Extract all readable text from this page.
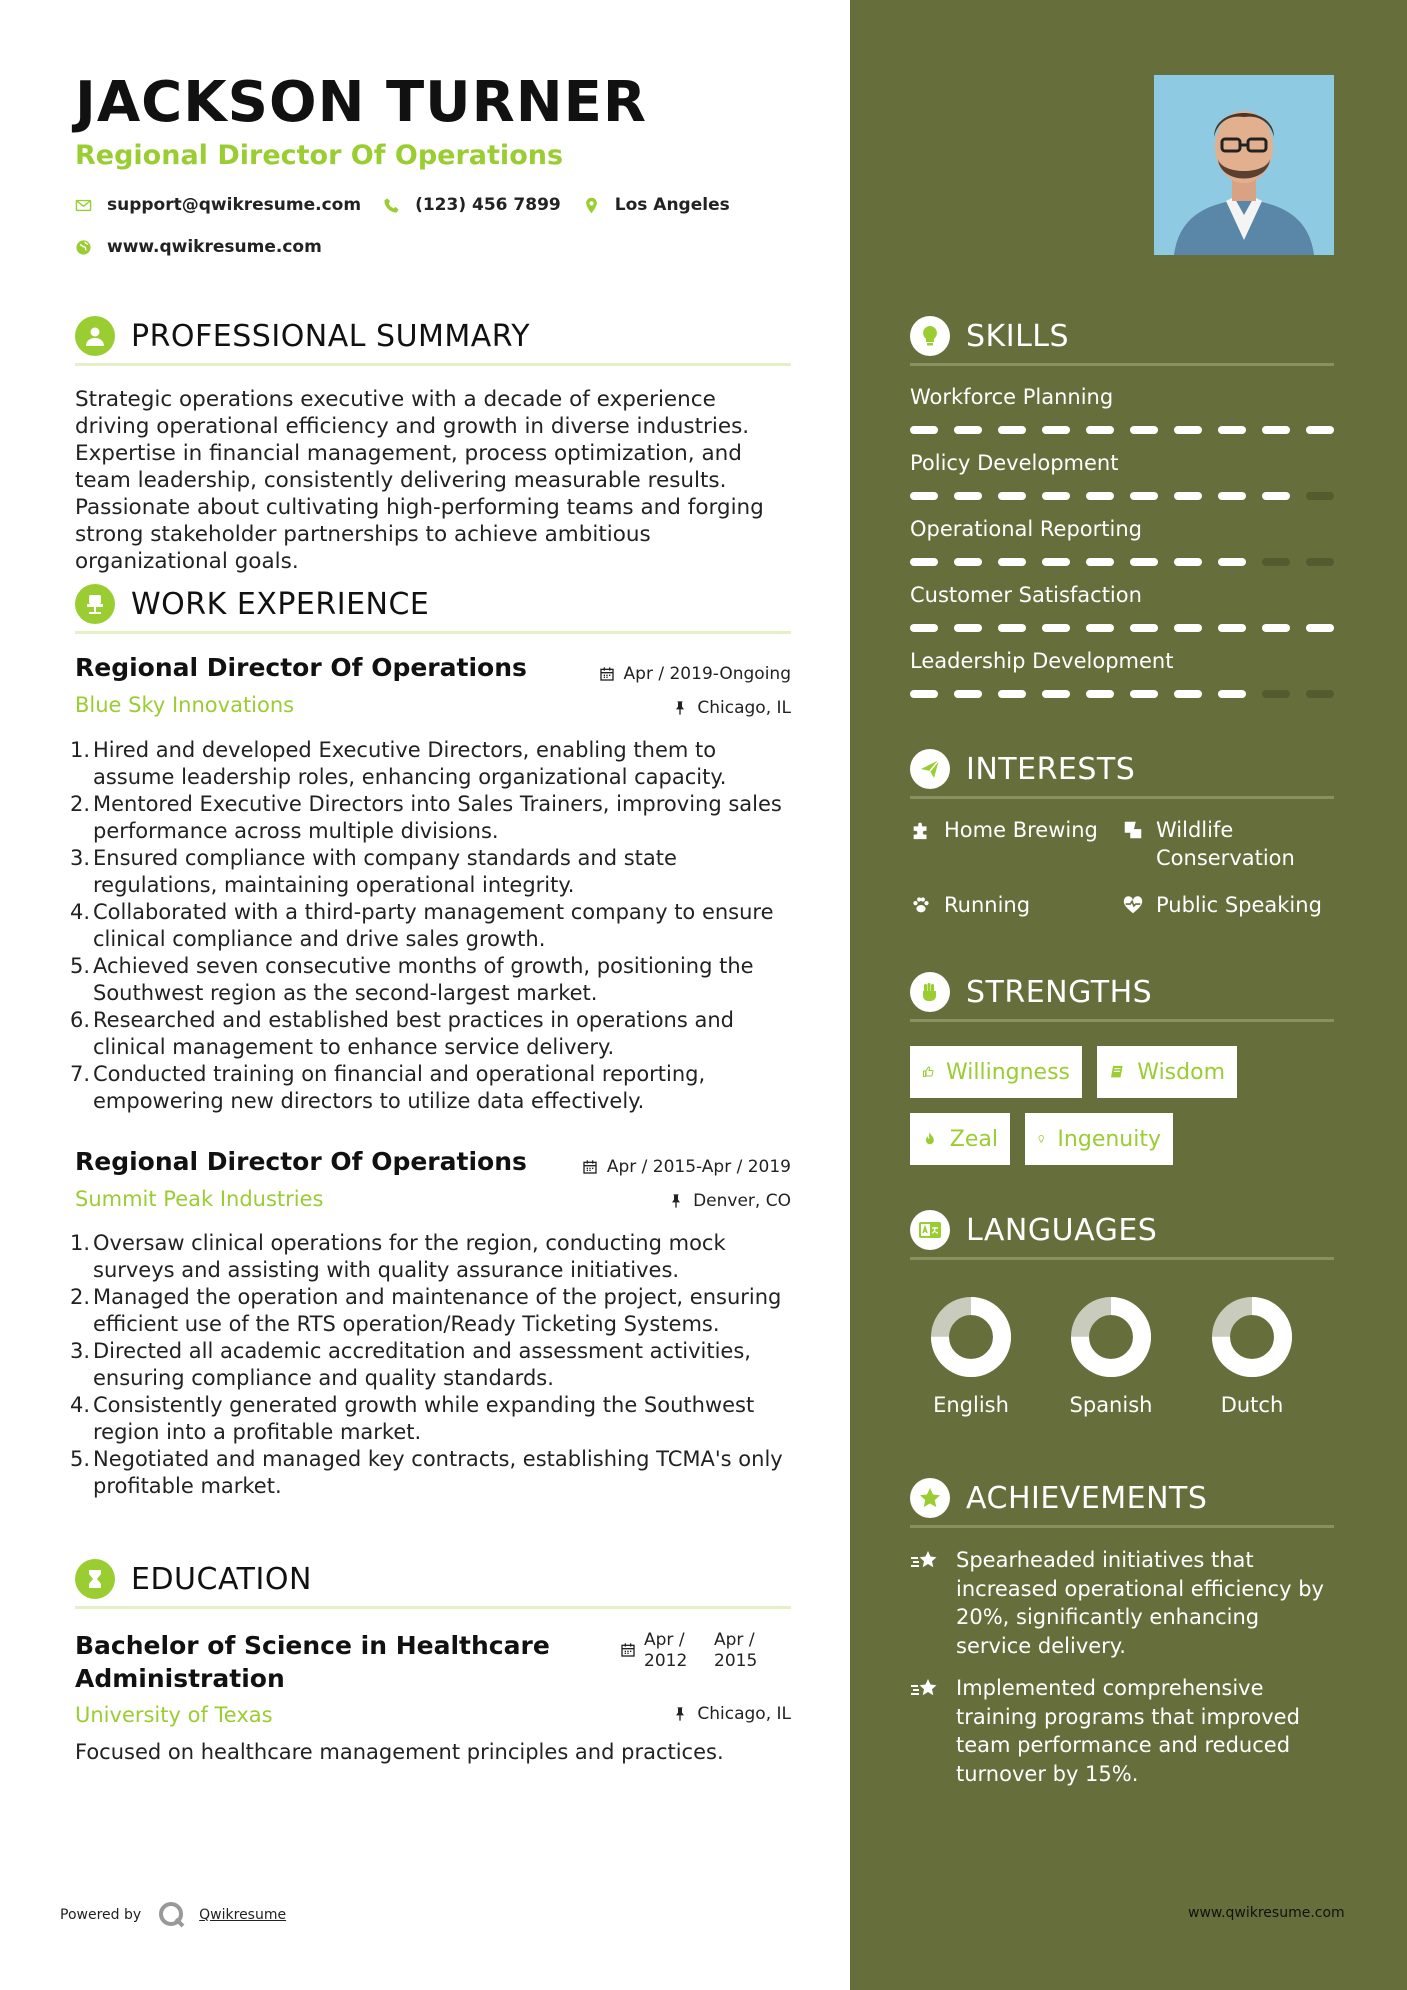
JACKSON TURNER
Regional Director Of Operations
support@qwikresume.com	(123) 456 7899	Los Angeles
www.qwikresume.com
PROFESSIONAL SUMMARY
Strategic operations executive with a decade of experience driving operational efficiency and growth in diverse industries. Expertise in financial management, process optimization, and team leadership, consistently delivering measurable results. Passionate about cultivating high-performing teams and forging strong stakeholder partnerships to achieve ambitious organizational goals.
WORK EXPERIENCE
Regional Director Of Operations	Apr / 2019-Ongoing
Blue Sky Innovations	Chicago, IL
1. Hired and developed Executive Directors, enabling them to assume leadership roles, enhancing organizational capacity.
2. Mentored Executive Directors into Sales Trainers, improving sales performance across multiple divisions.
3. Ensured compliance with company standards and state regulations, maintaining operational integrity.
4. Collaborated with a third-party management company to ensure clinical compliance and drive sales growth.
5. Achieved seven consecutive months of growth, positioning the Southwest region as the second-largest market.
6. Researched and established best practices in operations and clinical management to enhance service delivery.
7. Conducted training on financial and operational reporting, empowering new directors to utilize data effectively.
Regional Director Of Operations	Apr / 2015-Apr / 2019
Summit Peak Industries	Denver, CO
1. Oversaw clinical operations for the region, conducting mock surveys and assisting with quality assurance initiatives.
2. Managed the operation and maintenance of the project, ensuring efficient use of the RTS operation/Ready Ticketing Systems.
3. Directed all academic accreditation and assessment activities, ensuring compliance and quality standards.
4. Consistently generated growth while expanding the Southwest region into a profitable market.
5. Negotiated and managed key contracts, establishing TCMA's only profitable market.
EDUCATION
Bachelor of Science in Healthcare
Administration
Apr /
2012
Apr /
2015
University of Texas	Chicago, IL
Focused on healthcare management principles and practices.
Powered by	Qwikresume
SKILLS
Workforce Planning
Policy Development
Operational Reporting
Customer Satisfaction
Leadership Development
INTERESTS
Home Brewing	Wildlife Conservation
Running	Public Speaking
STRENGTHS
Willingness	Wisdom
Zeal	Ingenuity
LANGUAGES
English	Spanish	Dutch
ACHIEVEMENTS
Spearheaded initiatives that increased operational efficiency by 20%, significantly enhancing service delivery.
Implemented comprehensive training programs that improved team performance and reduced turnover by 15%.
www.qwikresume.com
